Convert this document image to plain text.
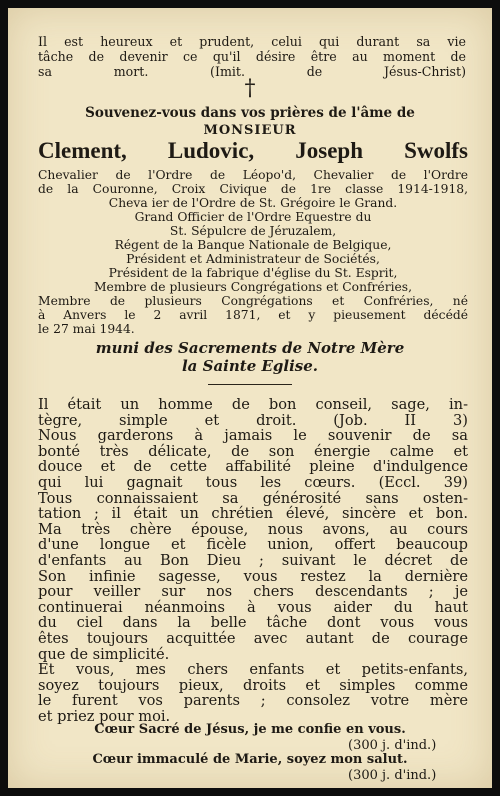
Il est heureux et prudent, celui qui durant sa vie
tâche de devenir ce qu'il désire être au moment de
sa mort. (Imit. de Jésus-Christ)
†
Souvenez-vous dans vos prières de l'âme de
MONSIEUR
Clement, Ludovic, Joseph Swolfs
Chevalier de l'Ordre de Léopo'd, Chevalier de l'Ordre
de la Couronne, Croix Civique de 1re classe 1914-1918,
Cheva ier de l'Ordre de St. Grégoire le Grand.
Grand Officier de l'Ordre Equestre du
St. Sépulcre de Jéruzalem,
Régent de la Banque Nationale de Belgique,
Président et Administrateur de Sociétés,
Président de la fabrique d'église du St. Esprit,
Membre de plusieurs Congrégations et Confréries,
Membre de plusieurs Congrégations et Confréries, né
à Anvers le 2 avril 1871, et y pieusement décédé
le 27 mai 1944.
muni des Sacrements de Notre Mère
la Sainte Eglise.
Il était un homme de bon conseil, sage, in-
tègre, simple et droit. (Job. II 3)
Nous garderons à jamais le souvenir de sa
bonté très délicate, de son énergie calme et
douce et de cette affabilité pleine d'indulgence
qui lui gagnait tous les cœurs. (Eccl. 39)
Tous connaissaient sa générosité sans osten-
tation ; il était un chrétien élevé, sincère et bon.
Ma très chère épouse, nous avons, au cours
d'une longue et ficèle union, offert beaucoup
d'enfants au Bon Dieu ; suivant le décret de
Son infinie sagesse, vous restez la dernière
pour veiller sur nos chers descendants ; je
continuerai néanmoins à vous aider du haut
du ciel dans la belle tâche dont vous vous
êtes toujours acquittée avec autant de courage
que de simplicité.
Et vous, mes chers enfants et petits-enfants,
soyez toujours pieux, droits et simples comme
le furent vos parents ; consolez votre mère
et priez pour moi.
Cœur Sacré de Jésus, je me confie en vous.
(300 j. d'ind.)
Cœur immaculé de Marie, soyez mon salut.
(300 j. d'ind.)
